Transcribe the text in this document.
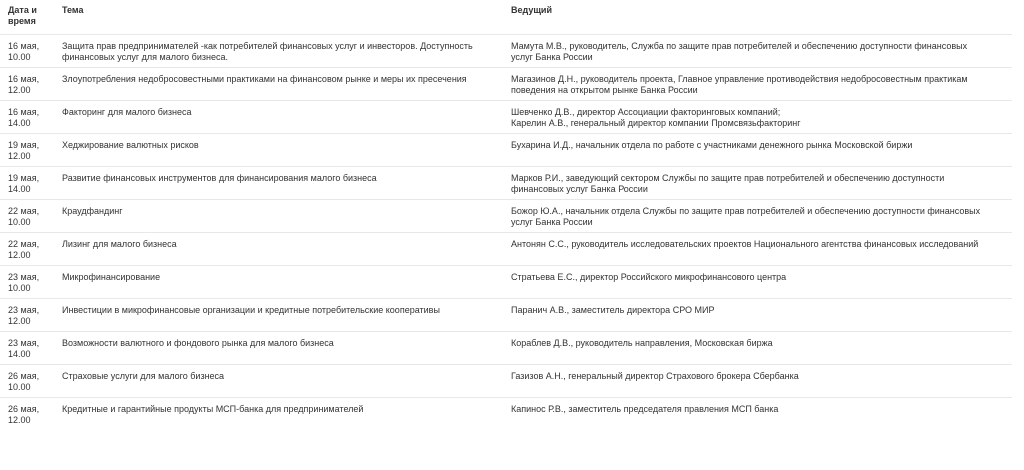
Дата и
время	Тема	Ведущий

16 мая,
10.00	Защита прав предпринимателей -как потребителей финансовых услуг и инвесторов. Доступность
финансовых услуг для малого бизнеса.	Мамута М.В., руководитель, Служба по защите прав потребителей и обеспечению доступности финансовых
услуг Банка России

16 мая,
12.00	Злоупотребления недобросовестными практиками на финансовом рынке и меры их пресечения	Магазинов Д.Н., руководитель проекта, Главное управление противодействия недобросовестным практикам
поведения на открытом рынке Банка России

16 мая,
14.00	Факторинг для малого бизнеса	Шевченко Д.В., директор Ассоциации факторинговых компаний;
Карелин А.В., генеральный директор компании Промсвязьфакторинг

19 мая,
12.00	Хеджирование валютных рисков	Бухарина И.Д., начальник отдела по работе с участниками денежного рынка Московской биржи

19 мая,
14.00	Развитие финансовых инструментов для финансирования малого бизнеса	Марков Р.И., заведующий сектором Службы по защите прав потребителей и обеспечению доступности
финансовых услуг Банка России

22 мая,
10.00	Краудфандинг	Божор Ю.А., начальник отдела Службы по защите прав потребителей и обеспечению доступности финансовых
услуг Банка России

22 мая,
12.00	Лизинг для малого бизнеса	Антонян С.С., руководитель исследовательских проектов Национального агентства финансовых исследований

23 мая,
10.00	Микрофинансирование	Стратьева Е.С., директор Российского микрофинансового центра

23 мая,
12.00	Инвестиции в микрофинансовые организации и кредитные потребительские кооперативы	Паранич А.В., заместитель директора СРО МИР

23 мая,
14.00	Возможности валютного и фондового рынка для малого бизнеса	Кораблев Д.В., руководитель направления, Московская биржа

26 мая,
10.00	Страховые услуги для малого бизнеса	Газизов А.Н., генеральный директор Страхового брокера Сбербанка

26 мая,
12.00	Кредитные и гарантийные продукты МСП-банка для предпринимателей	Капинос Р.В., заместитель председателя правления МСП банка
